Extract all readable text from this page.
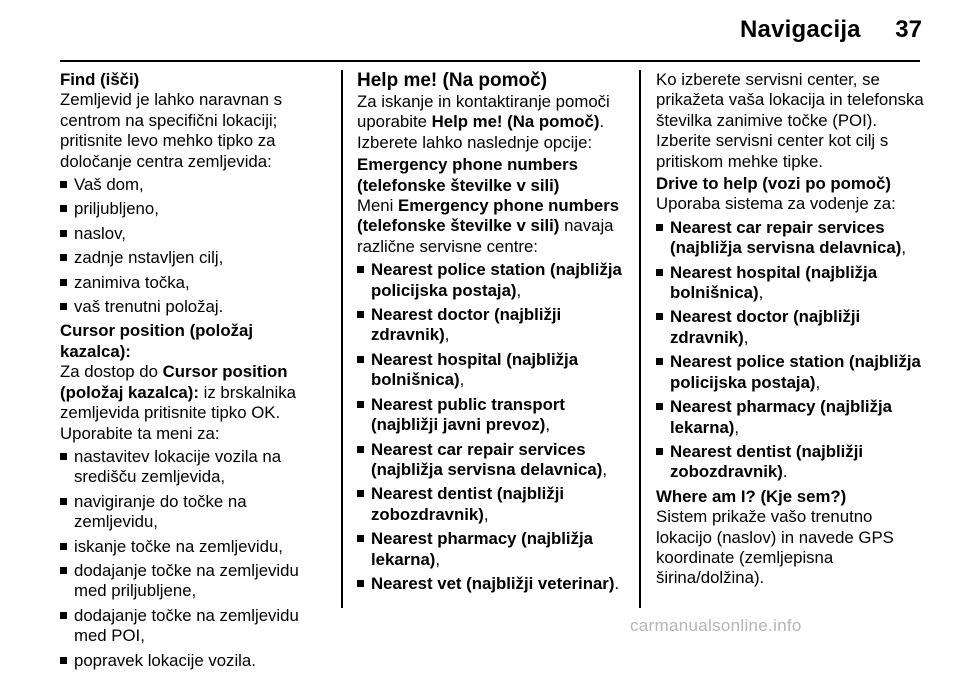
Navigacija	37
Find (išči)
Zemljevid je lahko naravnan s centrom na specifični lokaciji; pritisnite levo mehko tipko za določanje centra zemljevida:
Vaš dom,
priljubljeno,
naslov,
zadnje nstavljen cilj,
zanimiva točka,
vaš trenutni položaj.
Cursor position (položaj kazalca):
Za dostop do Cursor position (položaj kazalca): iz brskalnika zemljevida pritisnite tipko OK. Uporabite ta meni za:
nastavitev lokacije vozila na središču zemljevida,
navigiranje do točke na zemljevidu,
iskanje točke na zemljevidu,
dodajanje točke na zemljevidu med priljubljene,
dodajanje točke na zemljevidu med POI,
popravek lokacije vozila.
Help me! (Na pomoč)
Za iskanje in kontaktiranje pomoči uporabite Help me! (Na pomoč). Izberete lahko naslednje opcije:
Emergency phone numbers (telefonske številke v sili)
Meni Emergency phone numbers (telefonske številke v sili) navaja različne servisne centre:
Nearest police station (najbližja policijska postaja),
Nearest doctor (najbližji zdravnik),
Nearest hospital (najbližja bolnišnica),
Nearest public transport (najbližji javni prevoz),
Nearest car repair services (najbližja servisna delavnica),
Nearest dentist (najbližji zobozdravnik),
Nearest pharmacy (najbližja lekarna),
Nearest vet (najbližji veterinar).
Ko izberete servisni center, se prikažeta vaša lokacija in telefonska številka zanimive točke (POI). Izberite servisni center kot cilj s pritiskom mehke tipke.
Drive to help (vozi po pomoč)
Uporaba sistema za vodenje za:
Nearest car repair services (najbližja servisna delavnica),
Nearest hospital (najbližja bolnišnica),
Nearest doctor (najbližji zdravnik),
Nearest police station (najbližja policijska postaja),
Nearest pharmacy (najbližja lekarna),
Nearest dentist (najbližji zobozdravnik).
Where am I? (Kje sem?)
Sistem prikaže vašo trenutno lokacijo (naslov) in navede GPS koordinate (zemljepisna širina/dolžina).
carmanualsonline.info
